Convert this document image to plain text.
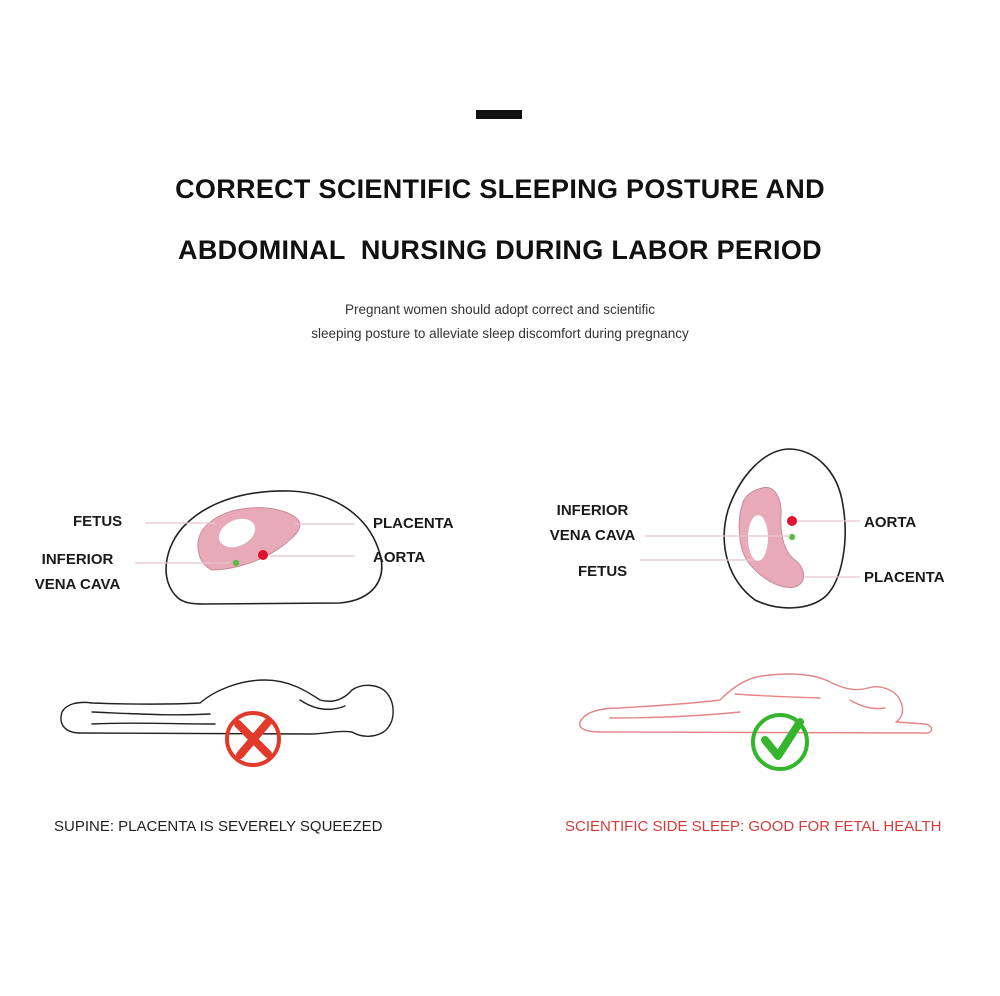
CORRECT SCIENTIFIC SLEEPING POSTURE AND
ABDOMINAL  NURSING DURING LABOR PERIOD
Pregnant women should adopt correct and scientific
sleeping posture to alleviate sleep discomfort during pregnancy
FETUS
INFERIOR
VENA CAVA
PLACENTA
AORTA
INFERIOR
VENA CAVA
FETUS
AORTA
PLACENTA
SUPINE: PLACENTA IS SEVERELY SQUEEZED	SCIENTIFIC SIDE SLEEP: GOOD FOR FETAL HEALTH
